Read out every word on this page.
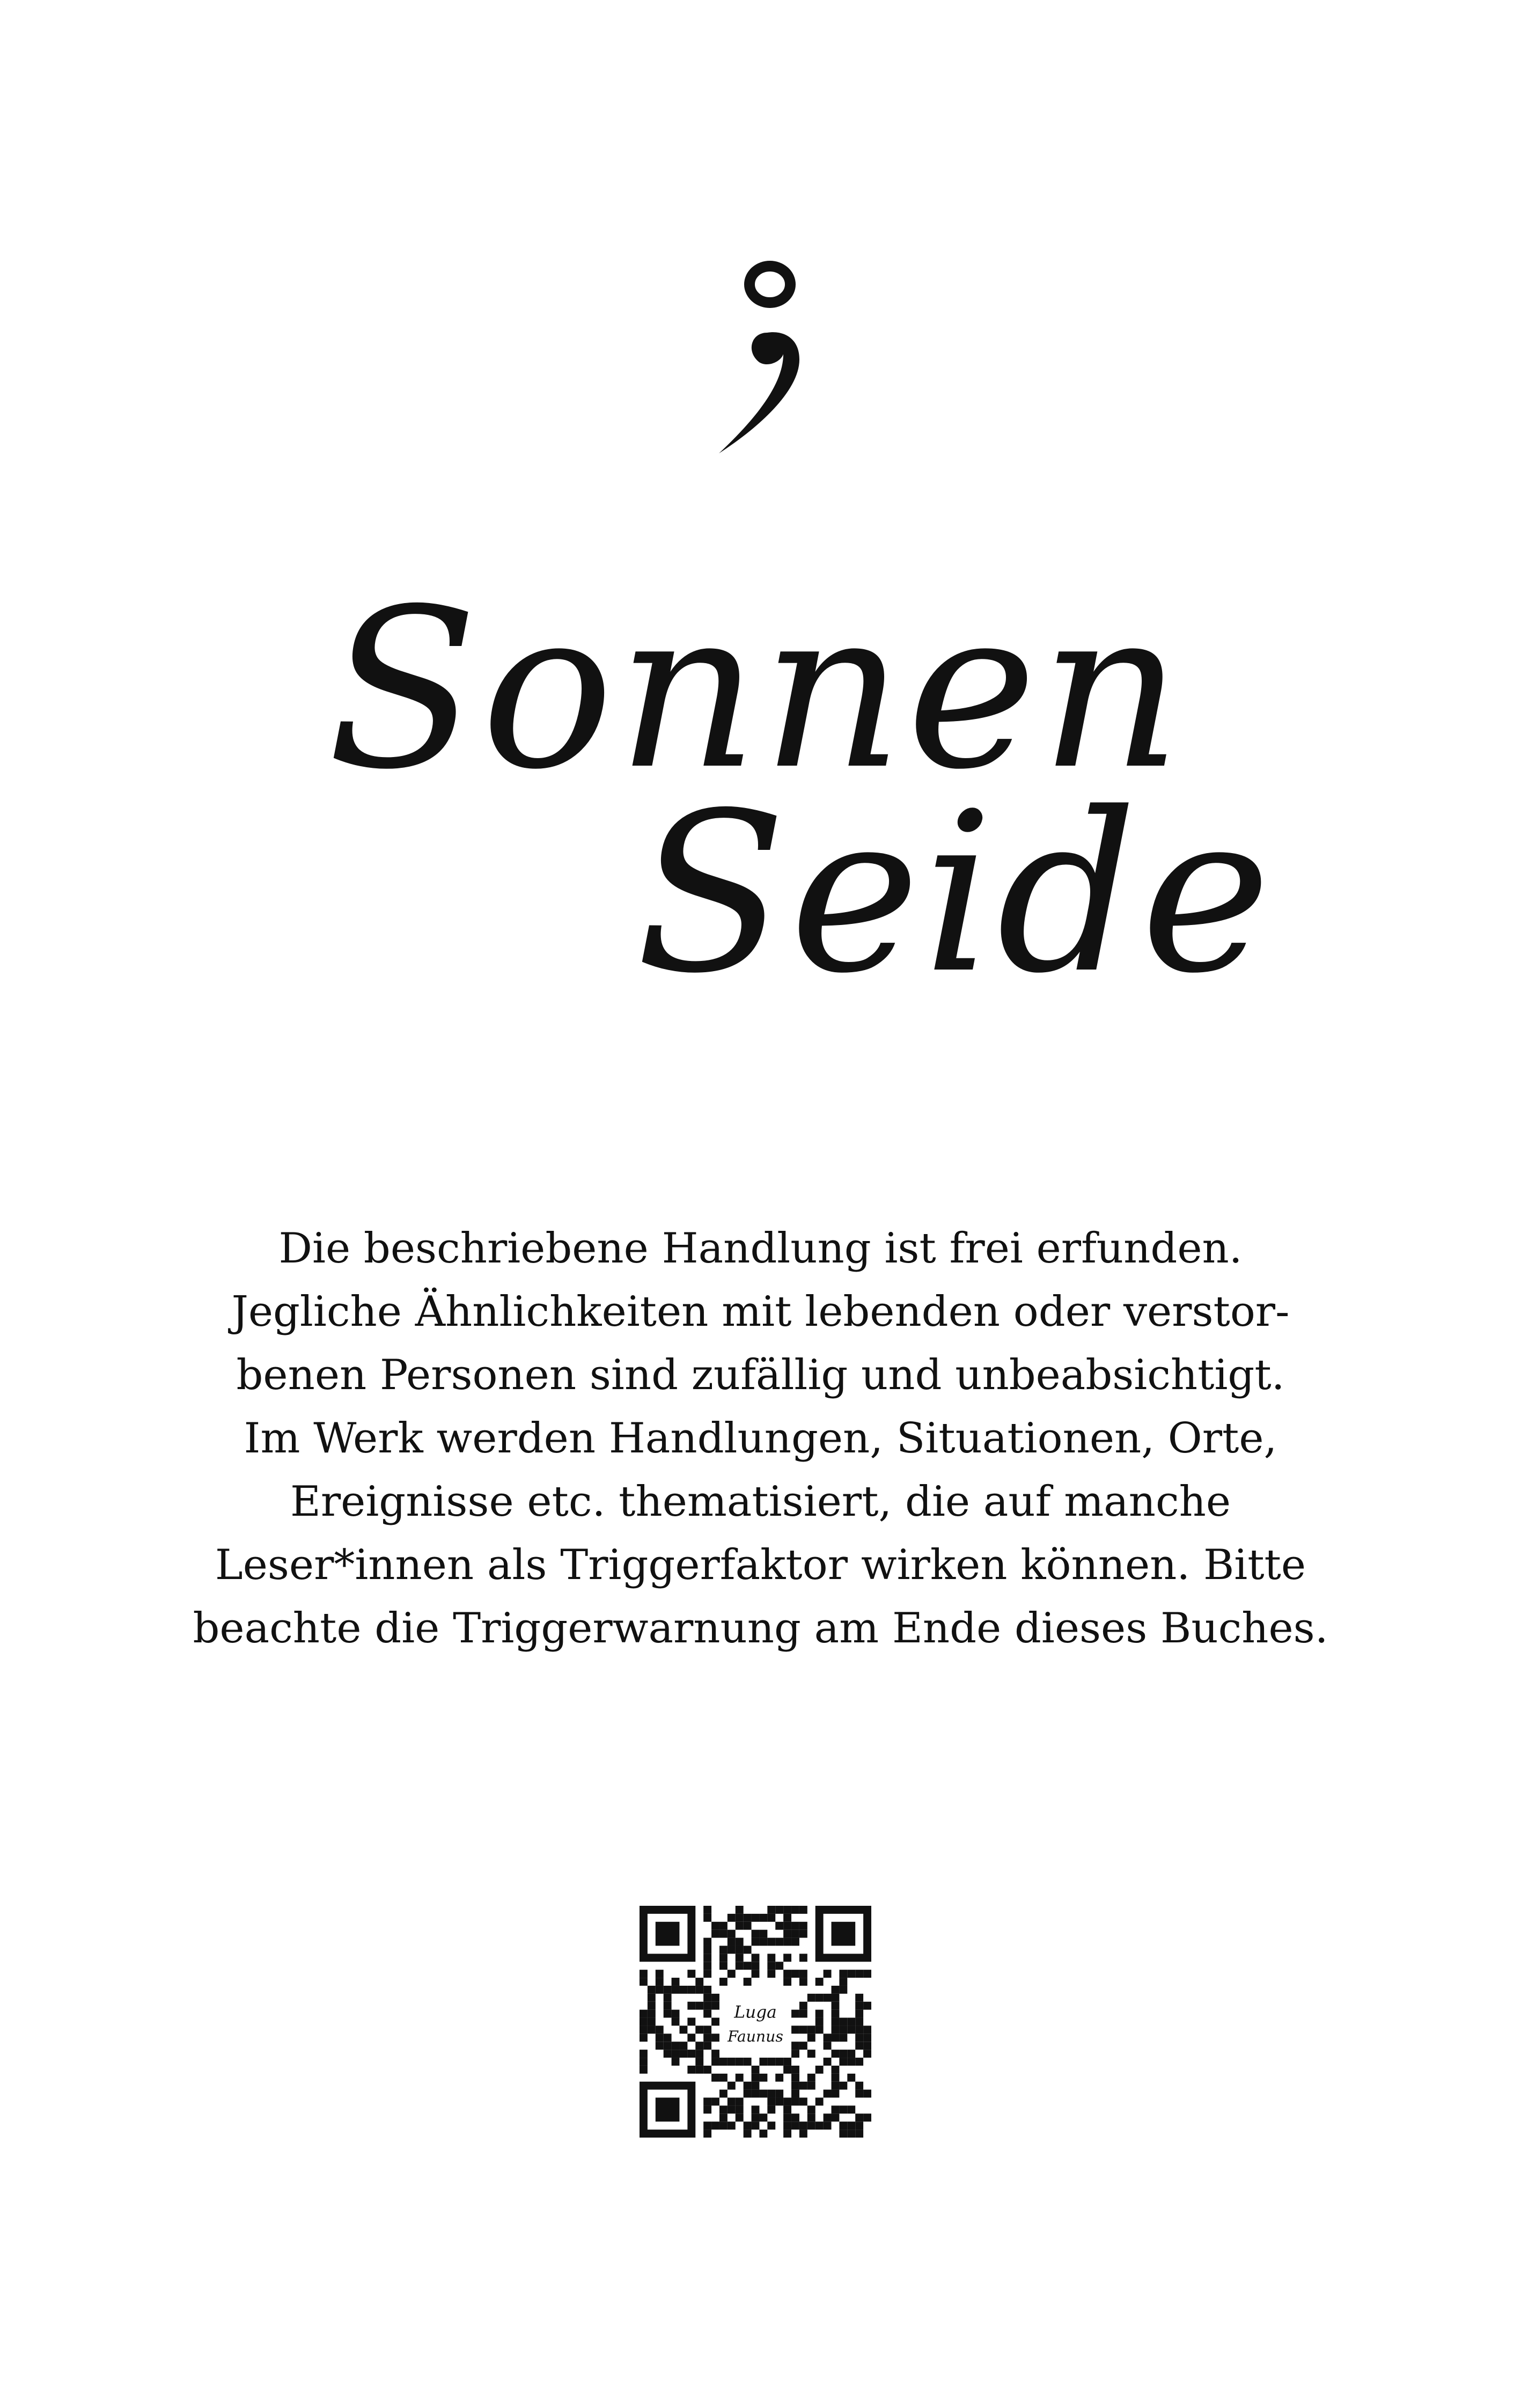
Sonnen
Seide
Die beschriebene Handlung ist frei erfunden.
Jegliche Ähnlichkeiten mit lebenden oder verstor-
benen Personen sind zufällig und unbeabsichtigt.
Im Werk werden Handlungen, Situationen, Orte,
Ereignisse etc. thematisiert, die auf manche
Leser*innen als Triggerfaktor wirken können. Bitte
beachte die Triggerwarnung am Ende dieses Buches.
Luga
Faunus
